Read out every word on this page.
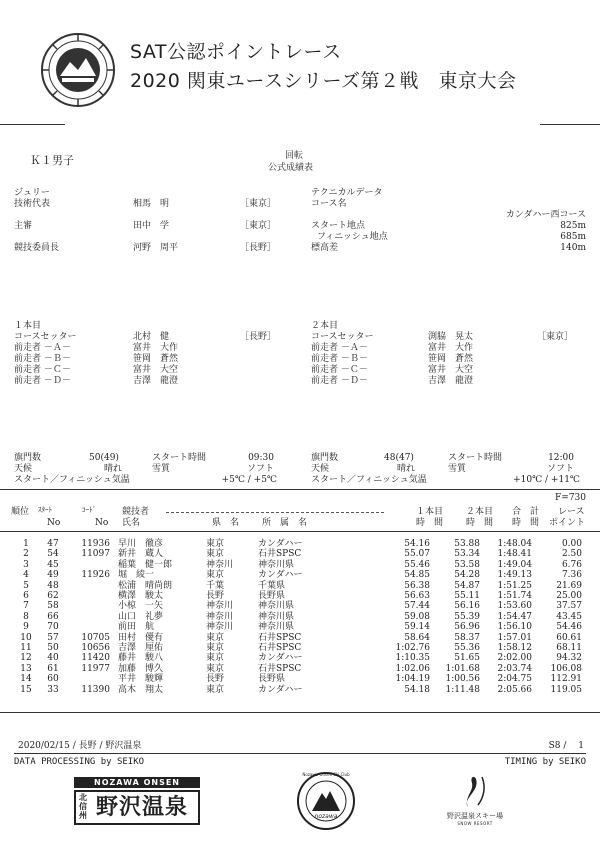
SAT公認ポイントレース
2020 関東ユースシリーズ第２戦　東京大会
Ｋ１男子	回転
公式成績表
ジュリー
技術代表	相馬　明	［東京］
主審	田中　学	［東京］
競技委員長	河野　周平	［長野］
テクニカルデータ
コース名
カンダハー西コース
スタート地点	825m
フィニッシュ地点	685m
標高差	140m
１本目
コースセッター	北村　健	［長野］
前走者 －Ａ－	富井　大作
前走者 －Ｂ－	笹岡　蒼然
前走者 －Ｃ－	富井　大空
前走者 －Ｄ－	吉澤　龍澄
２本目
コースセッター	渕脇　晃太	［東京］
前走者 －Ａ－	富井　大作
前走者 －Ｂ－	笹岡　蒼然
前走者 －Ｃ－	富井　大空
前走者 －Ｄ－	吉澤　龍澄
旗門数	50(49)	スタート時間	09:30
天候	晴れ	雪質	ソフト
スタート／フィニッシュ気温	+5℃ / +5℃
旗門数	48(47)	スタート時間	12:00
天候	晴れ	雪質	ソフト
スタート／フィニッシュ気温	+10℃ / +11℃
F=730
順位 ｽﾀｰﾄ
No
ｺｰﾄﾞ
No
競技者
氏名	県　名	所　属　名
１本目
時　間
２本目
時　間
合　計
時　間
レース
ポイント
1	47	11936	早川　徹彦	東京	カンダハー	54.16	53.88	1:48.04	0.00
2	54	11097	新井　蔵人	東京	石井SPSC	55.07	53.34	1:48.41	2.50
3	45		稲葉　健一郎	神奈川	神奈川県	55.46	53.58	1:49.04	6.76
4	49	11926	堀　綾一	東京	カンダハー	54.85	54.28	1:49.13	7.36
5	48		松浦　晴尚朗	千葉	千葉県	56.38	54.87	1:51.25	21.69
6	62		横澤　駿太	長野	長野県	56.63	55.11	1:51.74	25.00
7	58		小椋　一矢	神奈川	神奈川県	57.44	56.16	1:53.60	37.57
8	66		山口　礼夢	神奈川	神奈川県	59.08	55.39	1:54.47	43.45
9	70		前田　航	神奈川	神奈川県	59.14	56.96	1:56.10	54.46
10	57	10705	田村　優有	東京	石井SPSC	58.64	58.37	1:57.01	60.61
11	50	10656	吉澤　厘佑	東京	石井SPSC	1:02.76	55.36	1:58.12	68.11
12	40	11420	藤井　駿八	東京	カンダハー	1:10.35	51.65	2:02.00	94.32
13	61	11977	加藤　博久	東京	石井SPSC	1:02.06	1:01.68	2:03.74	106.08
14	60		平井　駿輝	長野	長野県	1:04.19	1:00.56	2:04.75	112.91
15	33	11390	高木　翔太	東京	カンダハー	54.18	1:11.48	2:05.66	119.05
2020/02/15 / 長野 / 野沢温泉	S8 / 　1
DATA PROCESSING by SEIKO	TIMING by SEIKO
NOZAWA ONSEN
北信州 野沢温泉
Nozawa Onsen Ski Club
nozawa	野沢温泉スキー場
SNOW RESORT
